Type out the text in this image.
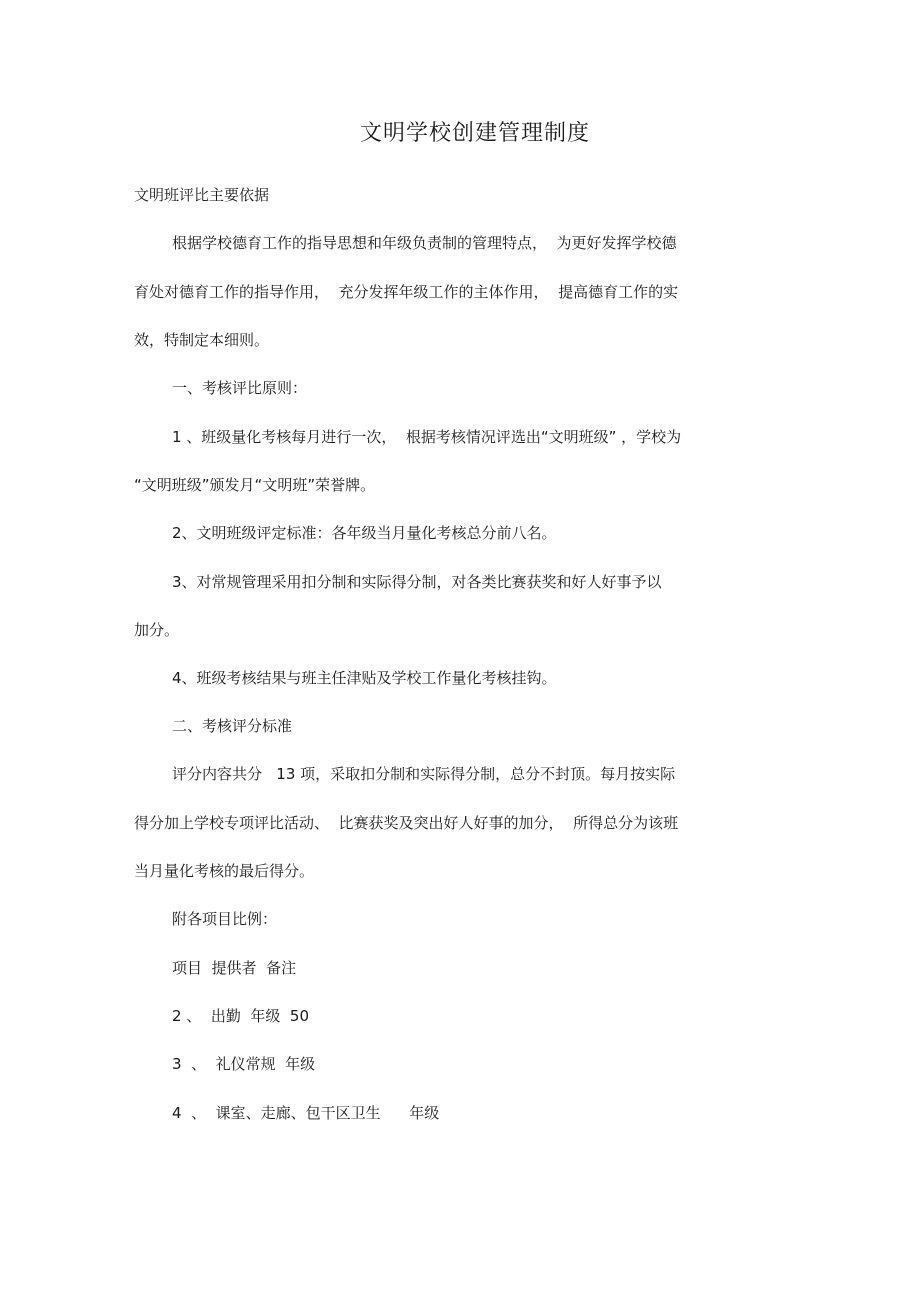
文明学校创建管理制度
文明班评比主要依据
根据学校德育工作的指导思想和年级负责制的管理特点，  为更好发挥学校德
育处对德育工作的指导作用，  充分发挥年级工作的主体作用，  提高德育工作的实
效，特制定本细则。
一、考核评比原则：
1 、班级量化考核每月进行一次，  根据考核情况评选出“文明班级” ，学校为
“文明班级”颁发月“文明班”荣誉牌。
2、文明班级评定标准：各年级当月量化考核总分前八名。
3、对常规管理采用扣分制和实际得分制，对各类比赛获奖和好人好事予以
加分。
4、班级考核结果与班主任津贴及学校工作量化考核挂钩。
二、考核评分标准
评分内容共分   13 项，采取扣分制和实际得分制，总分不封顶。每月按实际
得分加上学校专项评比活动、  比赛获奖及突出好人好事的加分，  所得总分为该班
当月量化考核的最后得分。
附各项目比例：
项目  提供者  备注
2 、  出勤  年级  50
3  、  礼仪常规  年级
4  、  课室、走廊、包干区卫生      年级
